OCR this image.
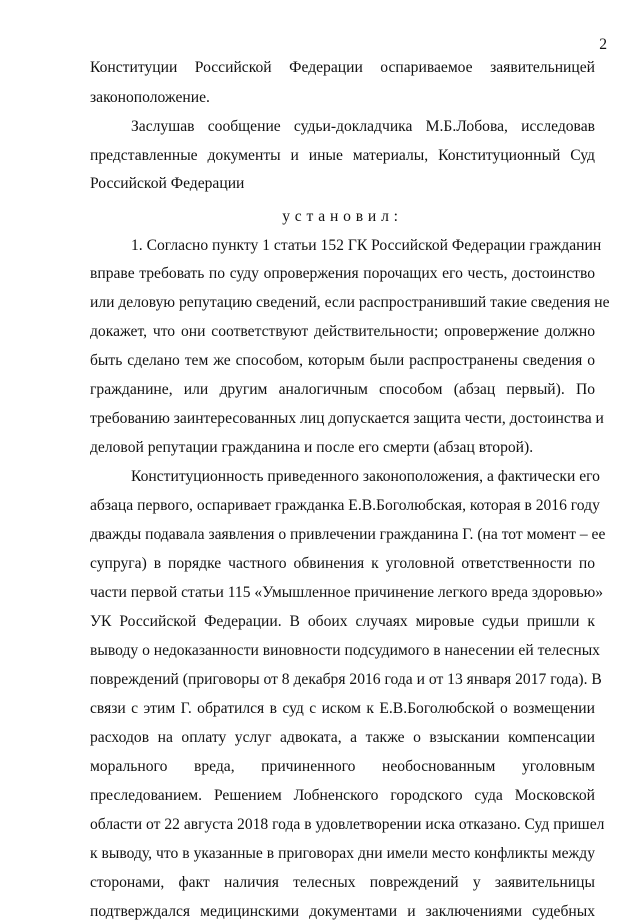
2
Конституции Российской Федерации оспариваемое заявительницей
законоположение.
Заслушав сообщение судьи-докладчика М.Б.Лобова, исследовав
представленные документы и иные материалы, Конституционный Суд
Российской Федерации
установил:
1. Согласно пункту 1 статьи 152 ГК Российской Федерации гражданин
вправе требовать по суду опровержения порочащих его честь, достоинство
или деловую репутацию сведений, если распространивший такие сведения не
докажет, что они соответствуют действительности; опровержение должно
быть сделано тем же способом, которым были распространены сведения о
гражданине, или другим аналогичным способом (абзац первый). По
требованию заинтересованных лиц допускается защита чести, достоинства и
деловой репутации гражданина и после его смерти (абзац второй).
Конституционность приведенного законоположения, а фактически его
абзаца первого, оспаривает гражданка Е.В.Боголюбская, которая в 2016 году
дважды подавала заявления о привлечении гражданина Г. (на тот момент – ее
супруга) в порядке частного обвинения к уголовной ответственности по
части первой статьи 115 «Умышленное причинение легкого вреда здоровью»
УК Российской Федерации. В обоих случаях мировые судьи пришли к
выводу о недоказанности виновности подсудимого в нанесении ей телесных
повреждений (приговоры от 8 декабря 2016 года и от 13 января 2017 года). В
связи с этим Г. обратился в суд с иском к Е.В.Боголюбской о возмещении
расходов на оплату услуг адвоката, а также о взыскании компенсации
морального вреда, причиненного необоснованным уголовным
преследованием. Решением Лобненского городского суда Московской
области от 22 августа 2018 года в удовлетворении иска отказано. Суд пришел
к выводу, что в указанные в приговорах дни имели место конфликты между
сторонами, факт наличия телесных повреждений у заявительницы
подтверждался медицинскими документами и заключениями судебных
